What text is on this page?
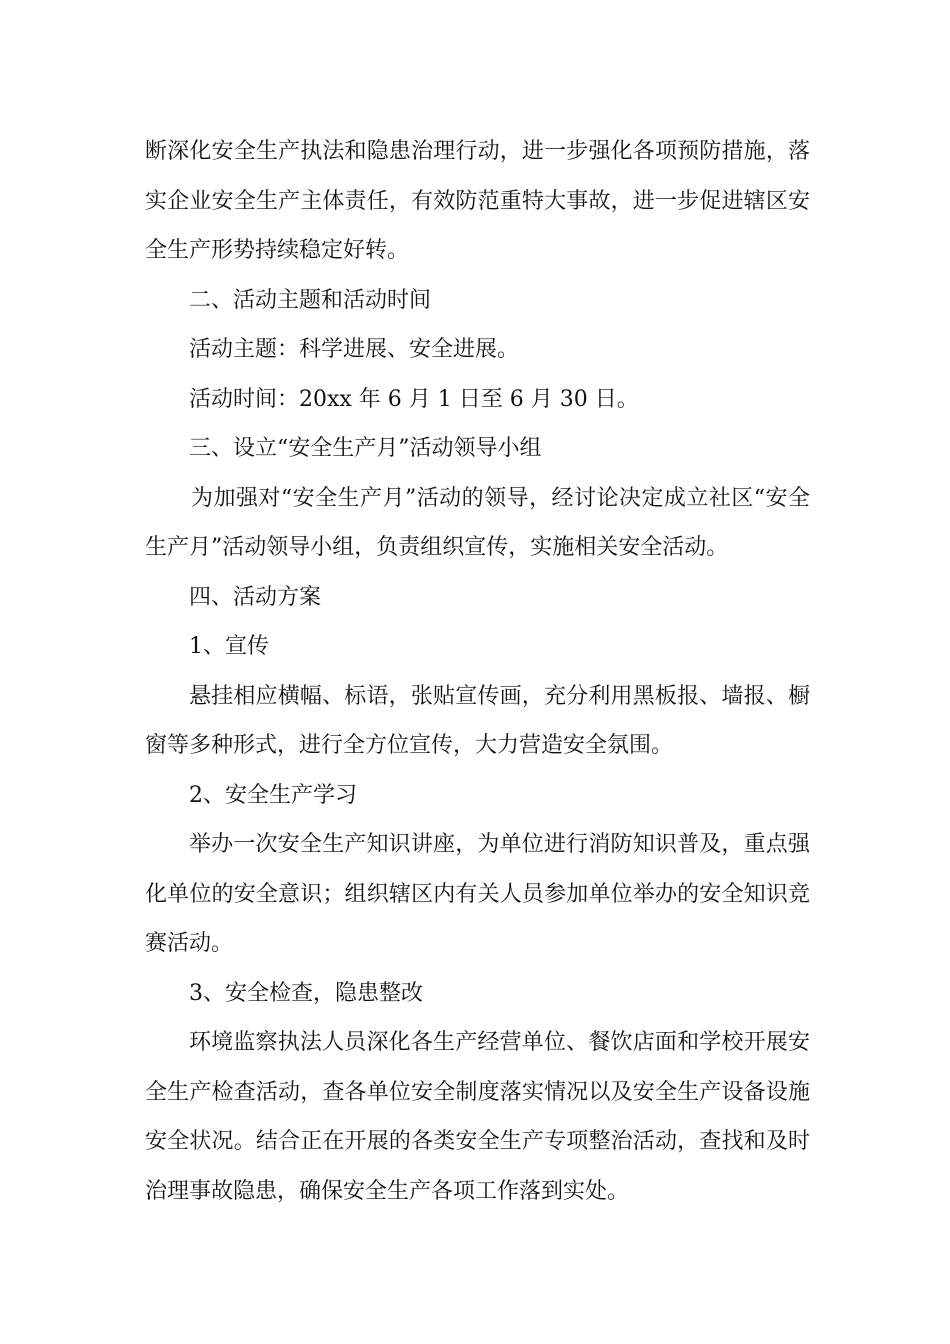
断深化安全生产执法和隐患治理行动，进一步强化各项预防措施，落实企业安全生产主体责任，有效防范重特大事故，进一步促进辖区安全生产形势持续稳定好转。

二、活动主题和活动时间

活动主题：科学进展、安全进展。

活动时间：20xx 年 6 月 1 日至 6 月 30 日。

三、设立“安全生产月”活动领导小组

为加强对“安全生产月”活动的领导，经讨论决定成立社区“安全生产月”活动领导小组，负责组织宣传，实施相关安全活动。

四、活动方案

1、宣传

悬挂相应横幅、标语，张贴宣传画，充分利用黑板报、墙报、橱窗等多种形式，进行全方位宣传，大力营造安全氛围。

2、安全生产学习

举办一次安全生产知识讲座，为单位进行消防知识普及，重点强化单位的安全意识；组织辖区内有关人员参加单位举办的安全知识竞赛活动。

3、安全检查，隐患整改

环境监察执法人员深化各生产经营单位、餐饮店面和学校开展安全生产检查活动，查各单位安全制度落实情况以及安全生产设备设施安全状况。结合正在开展的各类安全生产专项整治活动，查找和及时治理事故隐患，确保安全生产各项工作落到实处。
